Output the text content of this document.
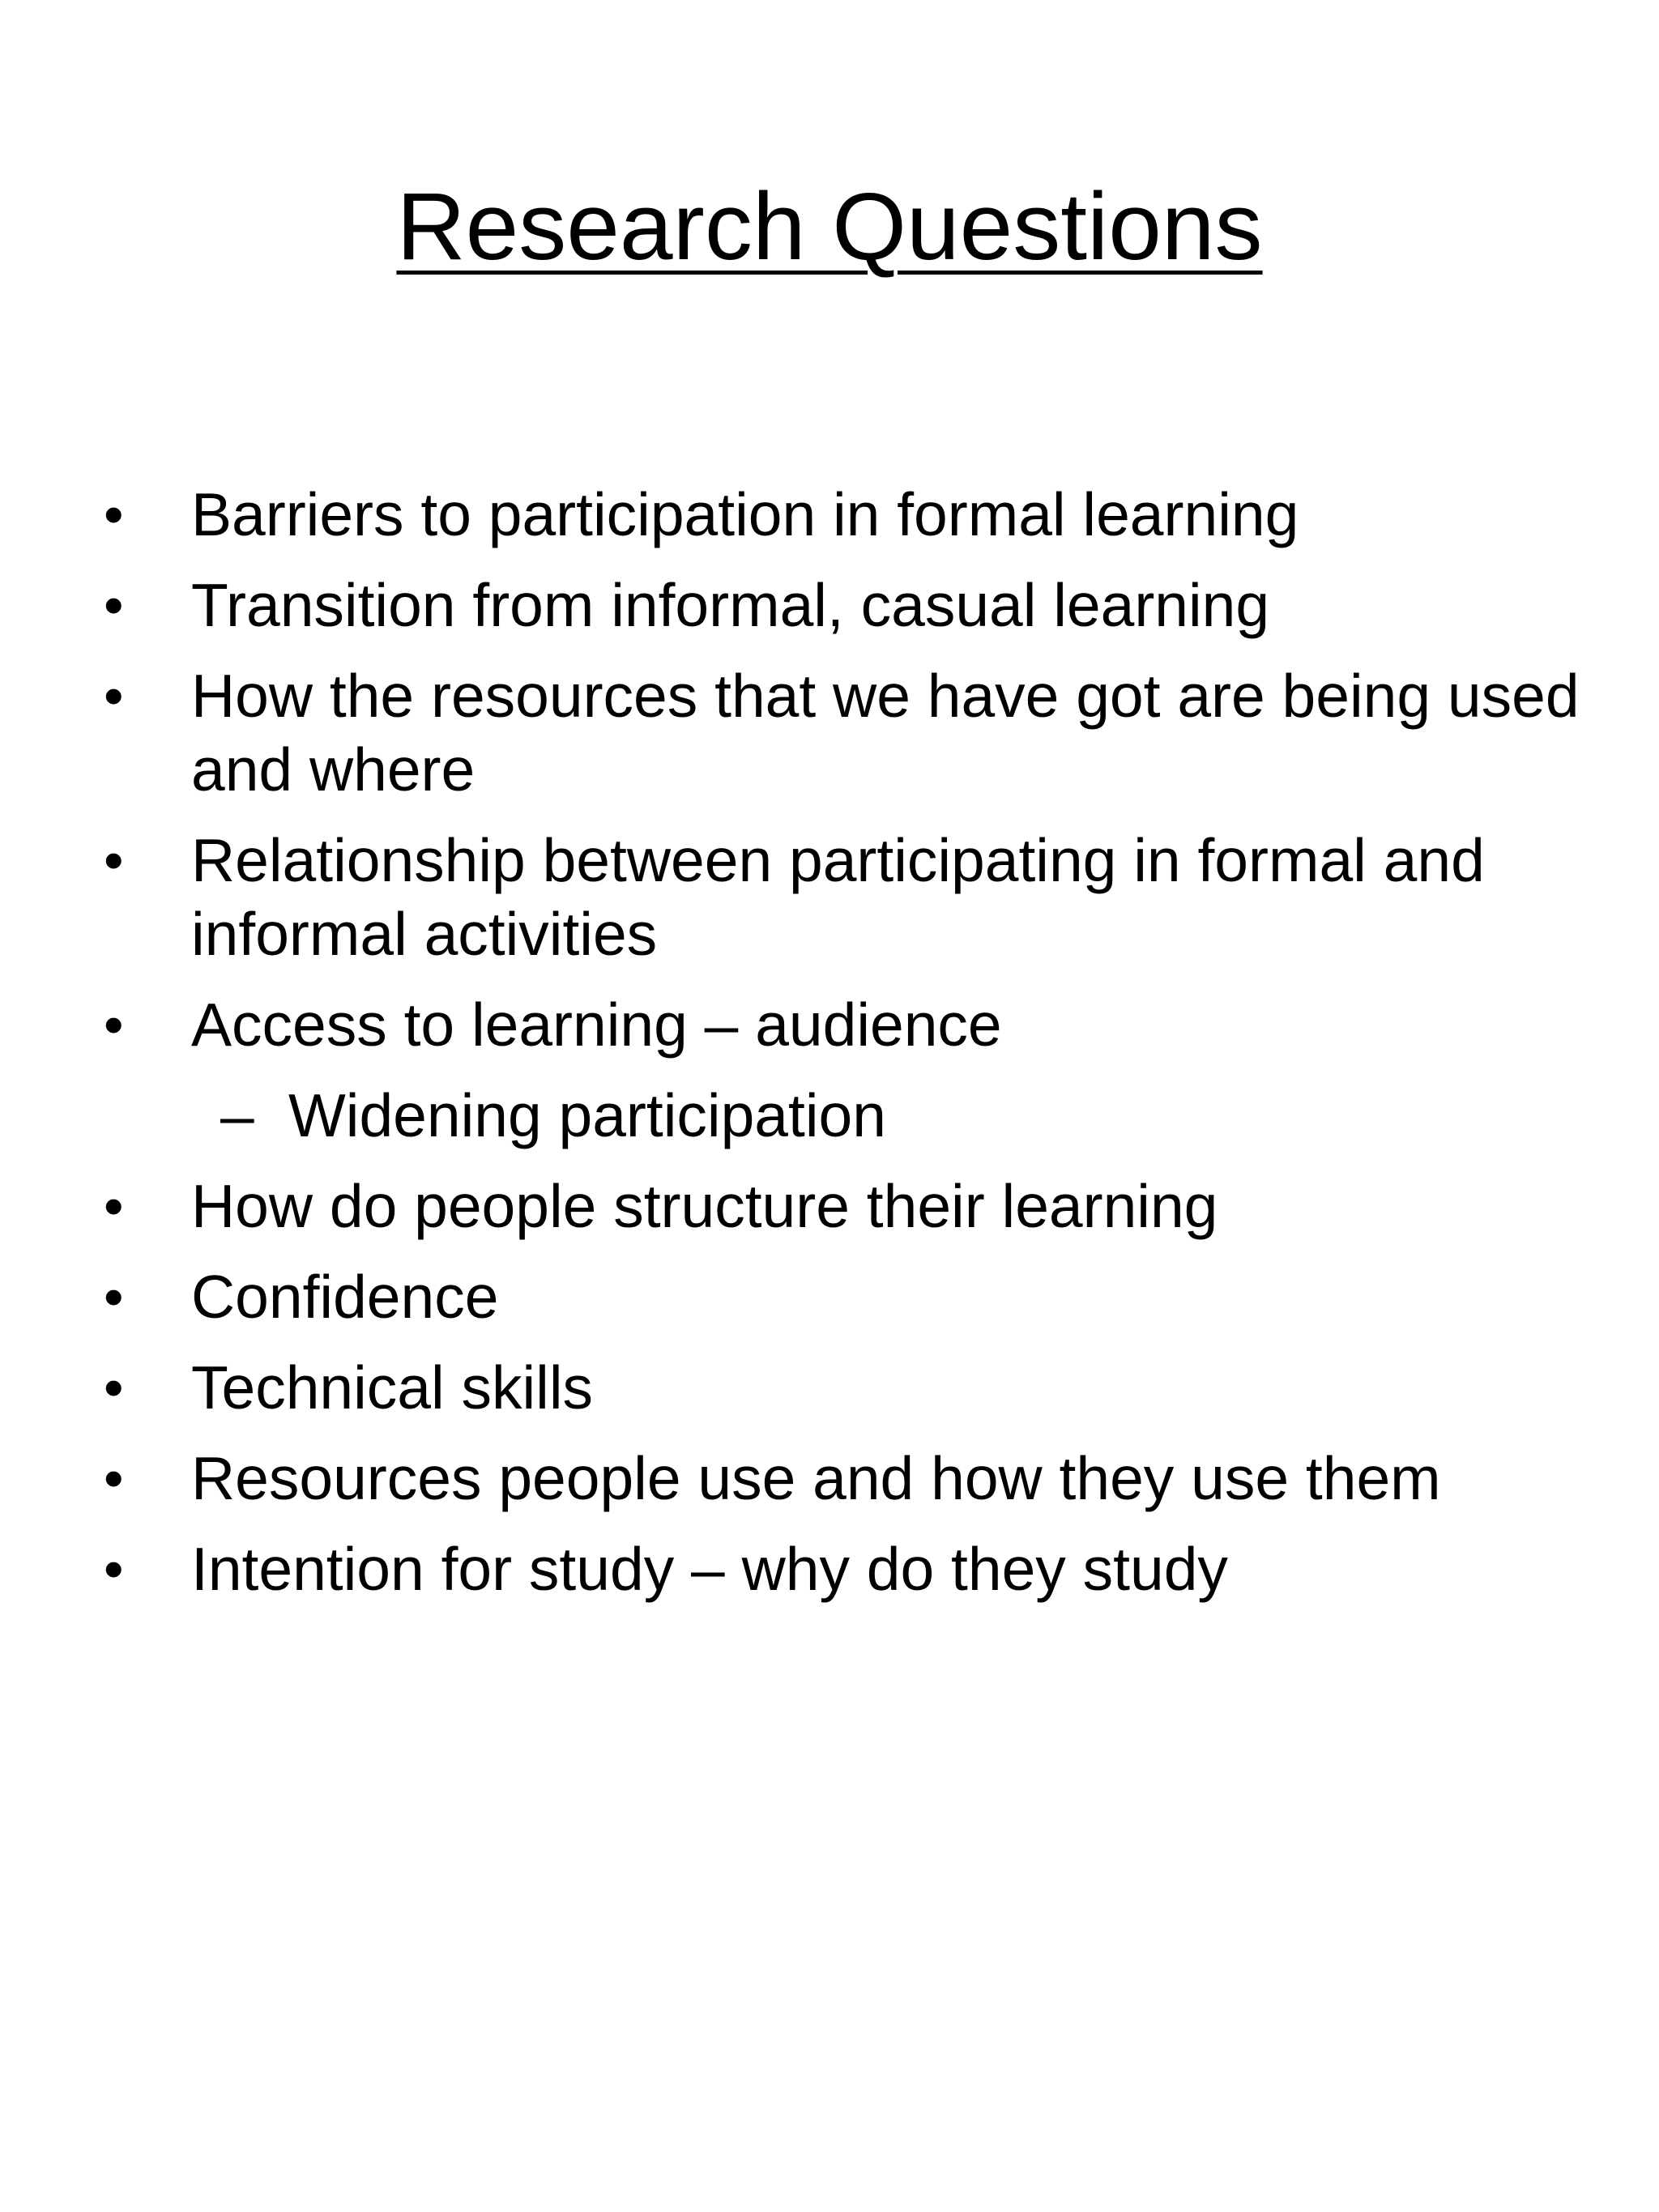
Research Questions
• Barriers to participation in formal learning
• Transition from informal, casual learning
• How the resources that we have got are being used and where
• Relationship between participating in formal and informal activities
• Access to learning – audience
– Widening participation
• How do people structure their learning
• Confidence
• Technical skills
• Resources people use and how they use them
• Intention for study – why do they study
